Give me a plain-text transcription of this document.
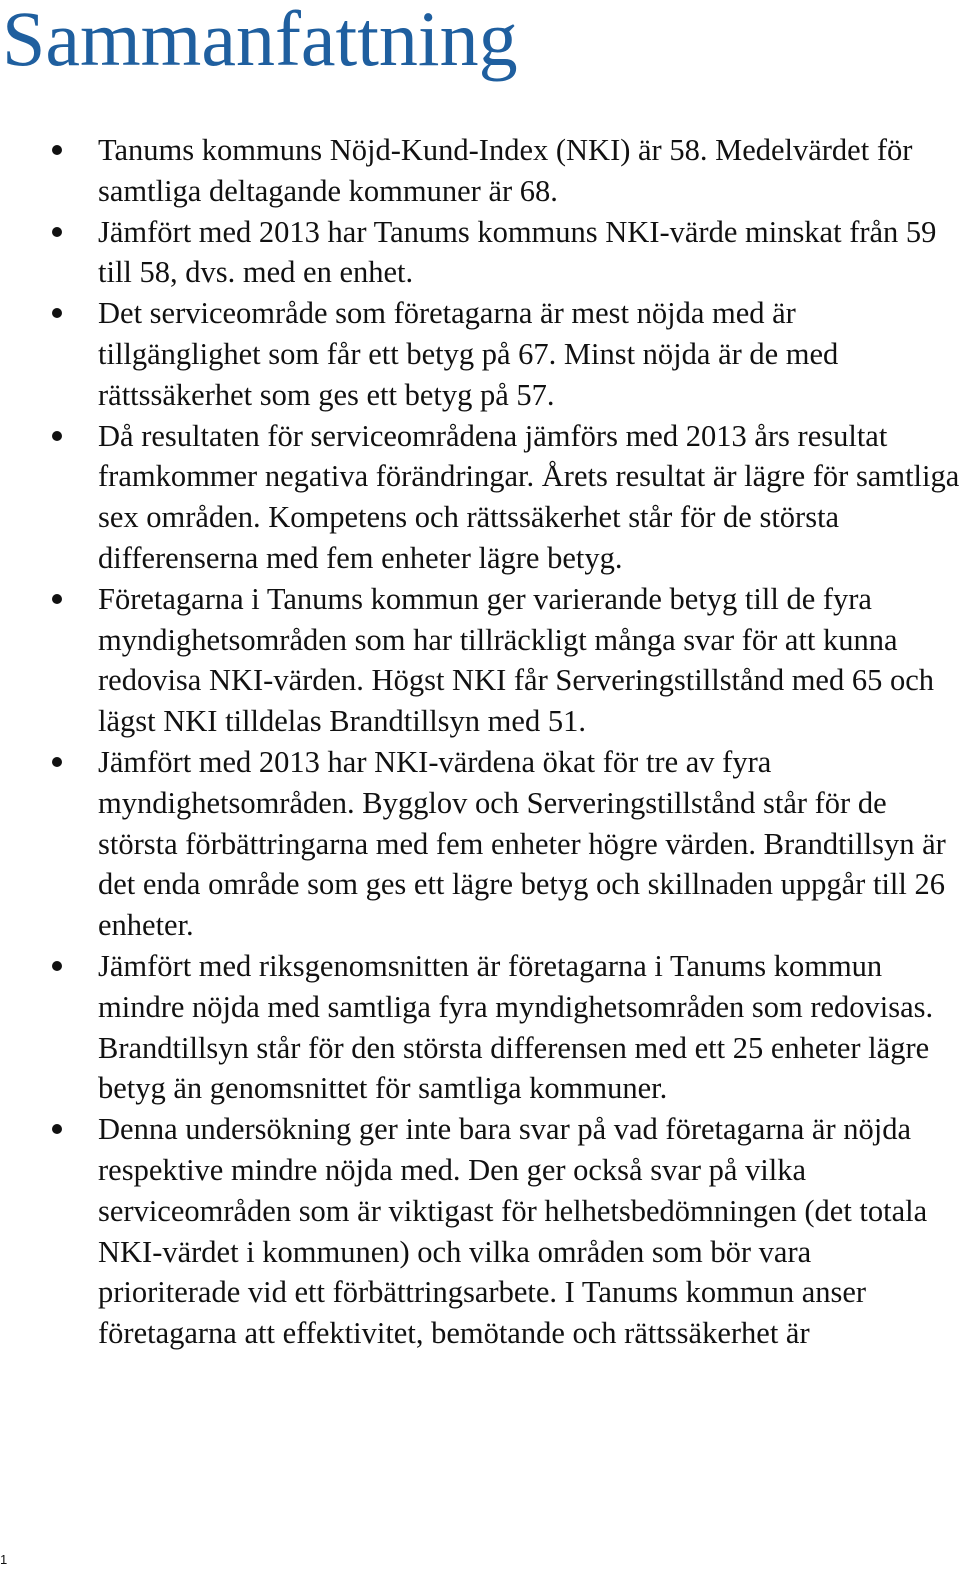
Sammanfattning
Tanums kommuns Nöjd-Kund-Index (NKI) är 58. Medelvärdet för samtliga deltagande kommuner är 68.
Jämfört med 2013 har Tanums kommuns NKI-värde minskat från 59 till 58, dvs. med en enhet.
Det serviceområde som företagarna är mest nöjda med är tillgänglighet som får ett betyg på 67. Minst nöjda är de med rättssäkerhet som ges ett betyg på 57.
Då resultaten för serviceområdena jämförs med 2013 års resultat framkommer negativa förändringar. Årets resultat är lägre för samtliga sex områden. Kompetens och rättssäkerhet står för de största differenserna med fem enheter lägre betyg.
Företagarna i Tanums kommun ger varierande betyg till de fyra myndighetsområden som har tillräckligt många svar för att kunna redovisa NKI-värden. Högst NKI får Serveringstillstånd med 65 och lägst NKI tilldelas Brandtillsyn med 51.
Jämfört med 2013 har NKI-värdena ökat för tre av fyra myndighetsområden. Bygglov och Serveringstillstånd står för de största förbättringarna med fem enheter högre värden. Brandtillsyn är det enda område som ges ett lägre betyg och skillnaden uppgår till 26 enheter.
Jämfört med riksgenomsnitten är företagarna i Tanums kommun mindre nöjda med samtliga fyra myndighetsområden som redovisas. Brandtillsyn står för den största differensen med ett 25 enheter lägre betyg än genomsnittet för samtliga kommuner.
Denna undersökning ger inte bara svar på vad företagarna är nöjda respektive mindre nöjda med. Den ger också svar på vilka serviceområden som är viktigast för helhetsbedömningen (det totala NKI-värdet i kommunen) och vilka områden som bör vara prioriterade vid ett förbättringsarbete. I Tanums kommun anser företagarna att effektivitet, bemötande och rättssäkerhet är
1
